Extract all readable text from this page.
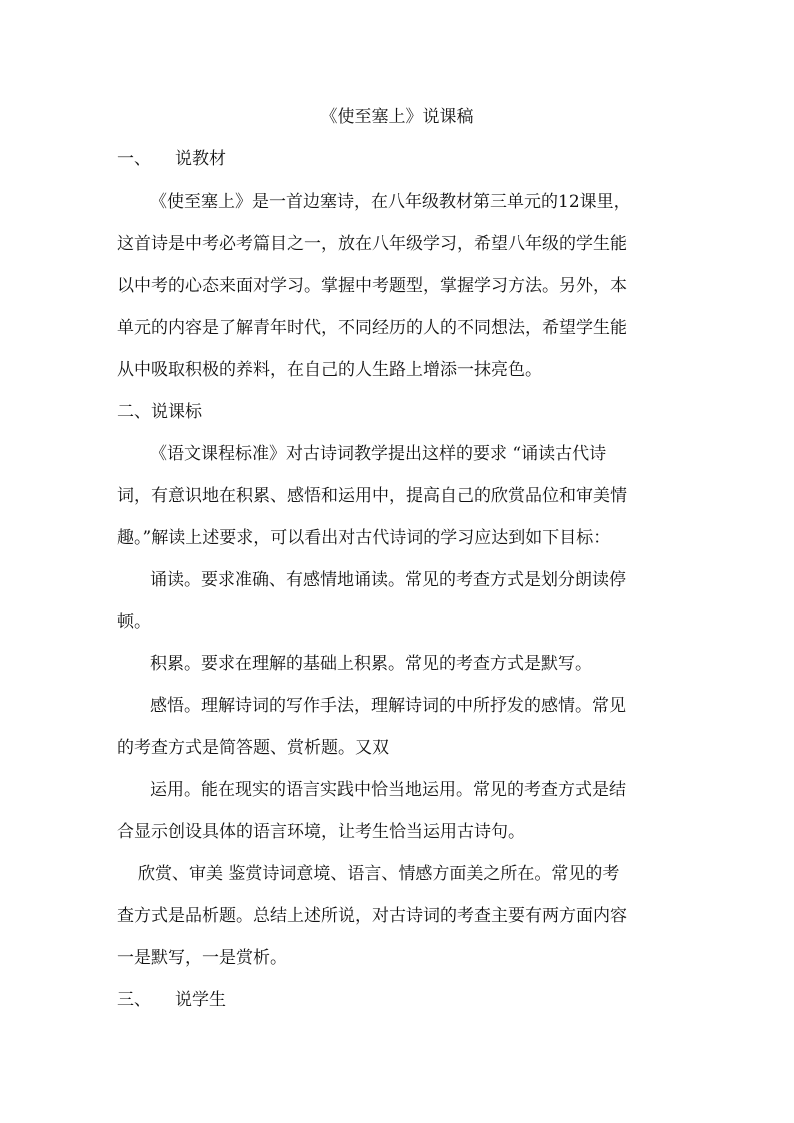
《使至塞上》说课稿
一、 说教材
《使至塞上》是一首边塞诗，在八年级教材第三单元的12课里，
这首诗是中考必考篇目之一，放在八年级学习，希望八年级的学生能
以中考的心态来面对学习。掌握中考题型，掌握学习方法。另外，本
单元的内容是了解青年时代，不同经历的人的不同想法，希望学生能
从中吸取积极的养料，在自己的人生路上增添一抹亮色。
二、说课标
《语文课程标准》对古诗词教学提出这样的要求 “诵读古代诗
词，有意识地在积累、感悟和运用中，提高自己的欣赏品位和审美情
趣。”解读上述要求，可以看出对古代诗词的学习应达到如下目标：
诵读。要求准确、有感情地诵读。常见的考查方式是划分朗读停
顿。
积累。要求在理解的基础上积累。常见的考查方式是默写。
感悟。理解诗词的写作手法，理解诗词的中所抒发的感情。常见
的考查方式是简答题、赏析题。又双
运用。能在现实的语言实践中恰当地运用。常见的考查方式是结
合显示创设具体的语言环境，让考生恰当运用古诗句。
欣赏、审美 鉴赏诗词意境、语言、情感方面美之所在。常见的考
查方式是品析题。总结上述所说，对古诗词的考查主要有两方面内容
一是默写，一是赏析。
三、 说学生
